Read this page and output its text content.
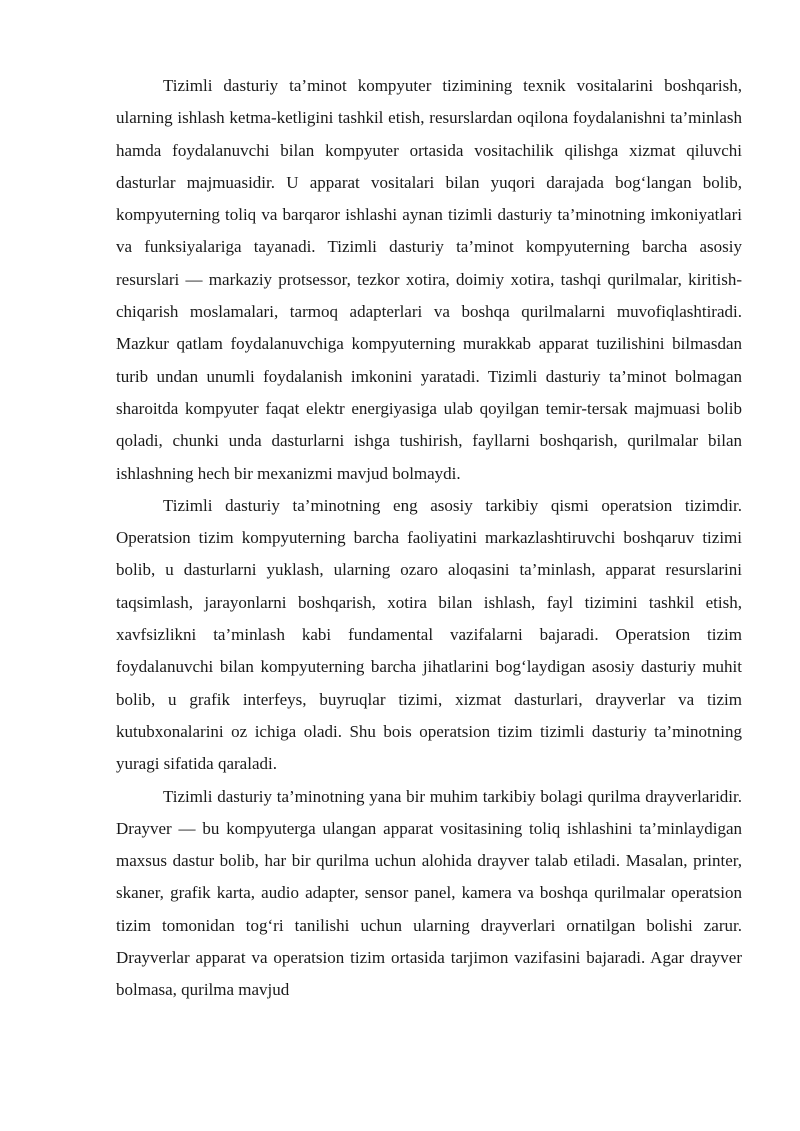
Tizimli dasturiy ta’minot kompyuter tizimining texnik vositalarini boshqarish, ularning ishlash ketma-ketligini tashkil etish, resurslardan oqilona foydalanishni ta’minlash hamda foydalanuvchi bilan kompyuter ortasida vositachilik qilishga xizmat qiluvchi dasturlar majmuasidir. U apparat vositalari bilan yuqori darajada bog‘langan bolib, kompyuterning toliq va barqaror ishlashi aynan tizimli dasturiy ta’minotning imkoniyatlari va funksiyalariga tayanadi. Tizimli dasturiy ta’minot kompyuterning barcha asosiy resurslari — markaziy protsessor, tezkor xotira, doimiy xotira, tashqi qurilmalar, kiritish-chiqarish moslamalari, tarmoq adapterlari va boshqa qurilmalarni muvofiqlashtiradi. Mazkur qatlam foydalanuvchiga kompyuterning murakkab apparat tuzilishini bilmasdan turib undan unumli foydalanish imkonini yaratadi. Tizimli dasturiy ta’minot bolmagan sharoitda kompyuter faqat elektr energiyasiga ulab qoyilgan temir-tersak majmuasi bolib qoladi, chunki unda dasturlarni ishga tushirish, fayllarni boshqarish, qurilmalar bilan ishlashning hech bir mexanizmi mavjud bolmaydi.

Tizimli dasturiy ta’minotning eng asosiy tarkibiy qismi operatsion tizimdir. Operatsion tizim kompyuterning barcha faoliyatini markazlashtiruvchi boshqaruv tizimi bolib, u dasturlarni yuklash, ularning ozaro aloqasini ta’minlash, apparat resurslarini taqsimlash, jarayonlarni boshqarish, xotira bilan ishlash, fayl tizimini tashkil etish, xavfsizlikni ta’minlash kabi fundamental vazifalarni bajaradi. Operatsion tizim foydalanuvchi bilan kompyuterning barcha jihatlarini bog‘laydigan asosiy dasturiy muhit bolib, u grafik interfeys, buyruqlar tizimi, xizmat dasturlari, drayverlar va tizim kutubxonalarini oz ichiga oladi. Shu bois operatsion tizim tizimli dasturiy ta’minotning yuragi sifatida qaraladi.

Tizimli dasturiy ta’minotning yana bir muhim tarkibiy bolagi qurilma drayverlaridir. Drayver — bu kompyuterga ulangan apparat vositasining toliq ishlashini ta’minlaydigan maxsus dastur bolib, har bir qurilma uchun alohida drayver talab etiladi. Masalan, printer, skaner, grafik karta, audio adapter, sensor panel, kamera va boshqa qurilmalar operatsion tizim tomonidan tog‘ri tanilishi uchun ularning drayverlari ornatilgan bolishi zarur. Drayverlar apparat va operatsion tizim ortasida tarjimon vazifasini bajaradi. Agar drayver bolmasa, qurilma mavjud
